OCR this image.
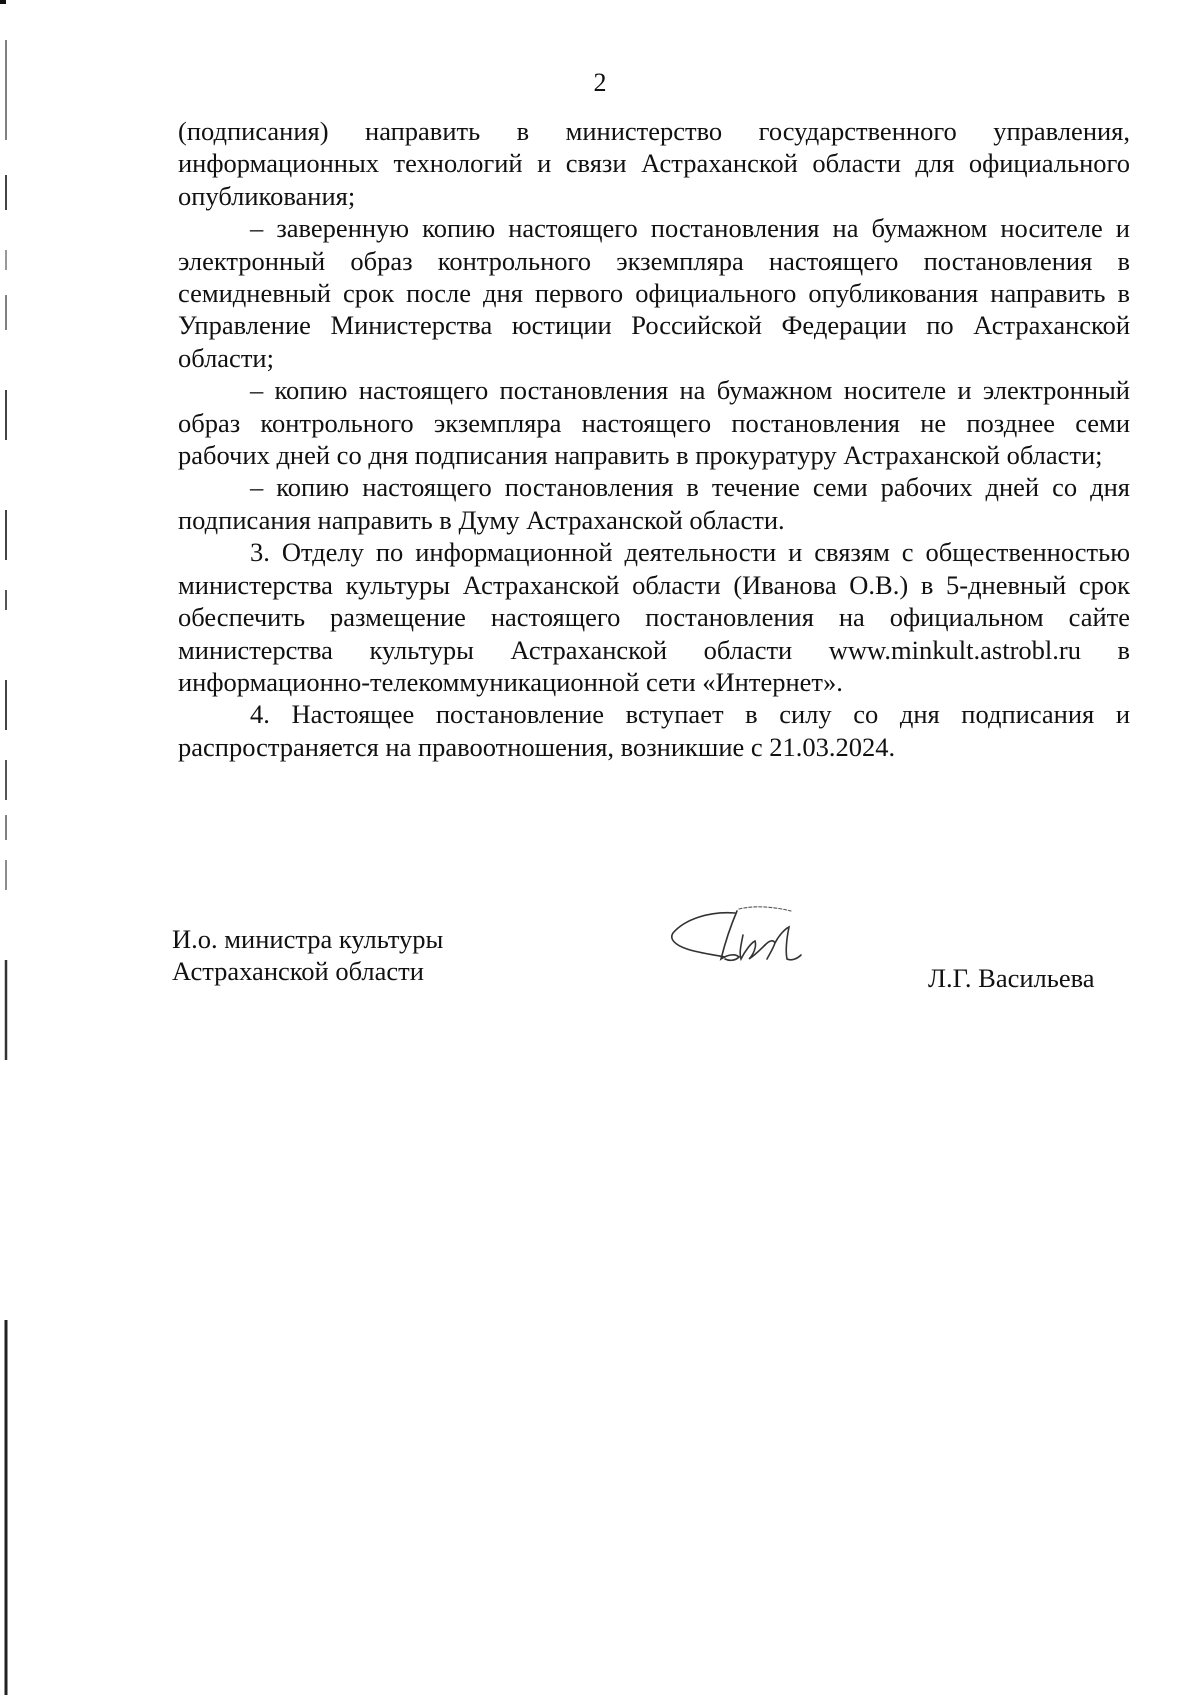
2

(подписания) направить в министерство государственного управления, информационных технологий и связи Астраханской области для официального опубликования;

– заверенную копию настоящего постановления на бумажном носителе и электронный образ контрольного экземпляра настоящего постановления в семидневный срок после дня первого официального опубликования направить в Управление Министерства юстиции Российской Федерации по Астраханской области;

– копию настоящего постановления на бумажном носителе и электронный образ контрольного экземпляра настоящего постановления не позднее семи рабочих дней со дня подписания направить в прокуратуру Астраханской области;

– копию настоящего постановления в течение семи рабочих дней со дня подписания направить в Думу Астраханской области.

3. Отделу по информационной деятельности и связям с общественностью министерства культуры Астраханской области (Иванова О.В.) в 5-дневный срок обеспечить размещение настоящего постановления на официальном сайте министерства культуры Астраханской области www.minkult.astrobl.ru в информационно-телекоммуникационной сети «Интернет».

4. Настоящее постановление вступает в силу со дня подписания и распространяется на правоотношения, возникшие с 21.03.2024.

И.о. министра культуры
Астраханской области	Л.Г. Васильева
